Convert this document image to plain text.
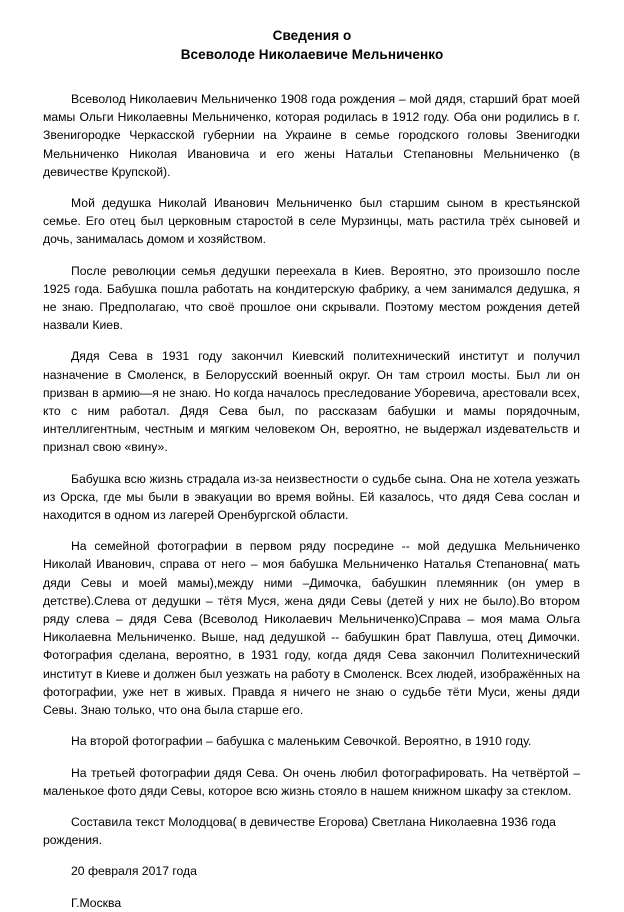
Сведения о
Всеволоде Николаевиче Мельниченко

Всеволод Николаевич Мельниченко 1908 года рождения – мой дядя, старший брат моей мамы Ольги Николаевны Мельниченко, которая родилась в 1912 году. Оба они родились в г. Звенигородке Черкасской губернии на Украине в семье городского головы Звенигодки Мельниченко Николая Ивановича и его жены Натальи Степановны Мельниченко (в девичестве Крупской).

Мой дедушка Николай Иванович Мельниченко был старшим сыном в крестьянской семье. Его отец был церковным старостой в селе Мурзинцы, мать растила трёх сыновей и дочь, занималась домом и хозяйством.

После революции семья дедушки переехала в Киев. Вероятно, это произошло после 1925 года. Бабушка пошла работать на кондитерскую фабрику, а чем занимался дедушка, я не знаю. Предполагаю, что своё прошлое они скрывали. Поэтому местом рождения детей назвали Киев.

Дядя Сева в 1931 году закончил Киевский политехнический институт и получил назначение в Смоленск, в Белорусский военный округ. Он там строил мосты. Был ли он призван в армию—я не знаю. Но когда началось преследование Уборевича, арестовали всех, кто с ним работал. Дядя Сева был, по рассказам бабушки и мамы порядочным, интеллигентным, честным и мягким человеком Он, вероятно, не выдержал издевательств и признал свою «вину».

Бабушка всю жизнь страдала из-за неизвестности о судьбе сына. Она не хотела уезжать из Орска, где мы были в эвакуации во время войны. Ей казалось, что дядя Сева сослан и находится в одном из лагерей Оренбургской области.

На семейной фотографии в первом ряду посредине -- мой дедушка Мельниченко Николай Иванович, справа от него – моя бабушка Мельниченко Наталья Степановна( мать дяди Севы и моей мамы),между ними –Димочка, бабушкин племянник (он умер в детстве).Слева от дедушки – тётя Муся, жена дяди Севы (детей у них не было).Во втором ряду слева – дядя Сева (Всеволод Николаевич Мельниченко)Справа – моя мама Ольга Николаевна Мельниченко. Выше, над дедушкой -- бабушкин брат Павлуша, отец Димочки. Фотография сделана, вероятно, в 1931 году, когда дядя Сева закончил Политехнический институт в Киеве и должен был уезжать на работу в Смоленск. Всех людей, изображённых на фотографии, уже нет в живых. Правда я ничего не знаю о судьбе тёти Муси, жены дяди Севы. Знаю только, что она была старше его.

На второй фотографии – бабушка с маленьким Севочкой. Вероятно, в 1910 году.

На третьей фотографии дядя Сева. Он очень любил фотографировать. На четвёртой – маленькое фото дяди Севы, которое всю жизнь стояло в нашем книжном шкафу за стеклом.

Составила текст Молодцова( в девичестве Егорова) Светлана Николаевна 1936 года рождения.

20 февраля 2017 года

Г.Москва
